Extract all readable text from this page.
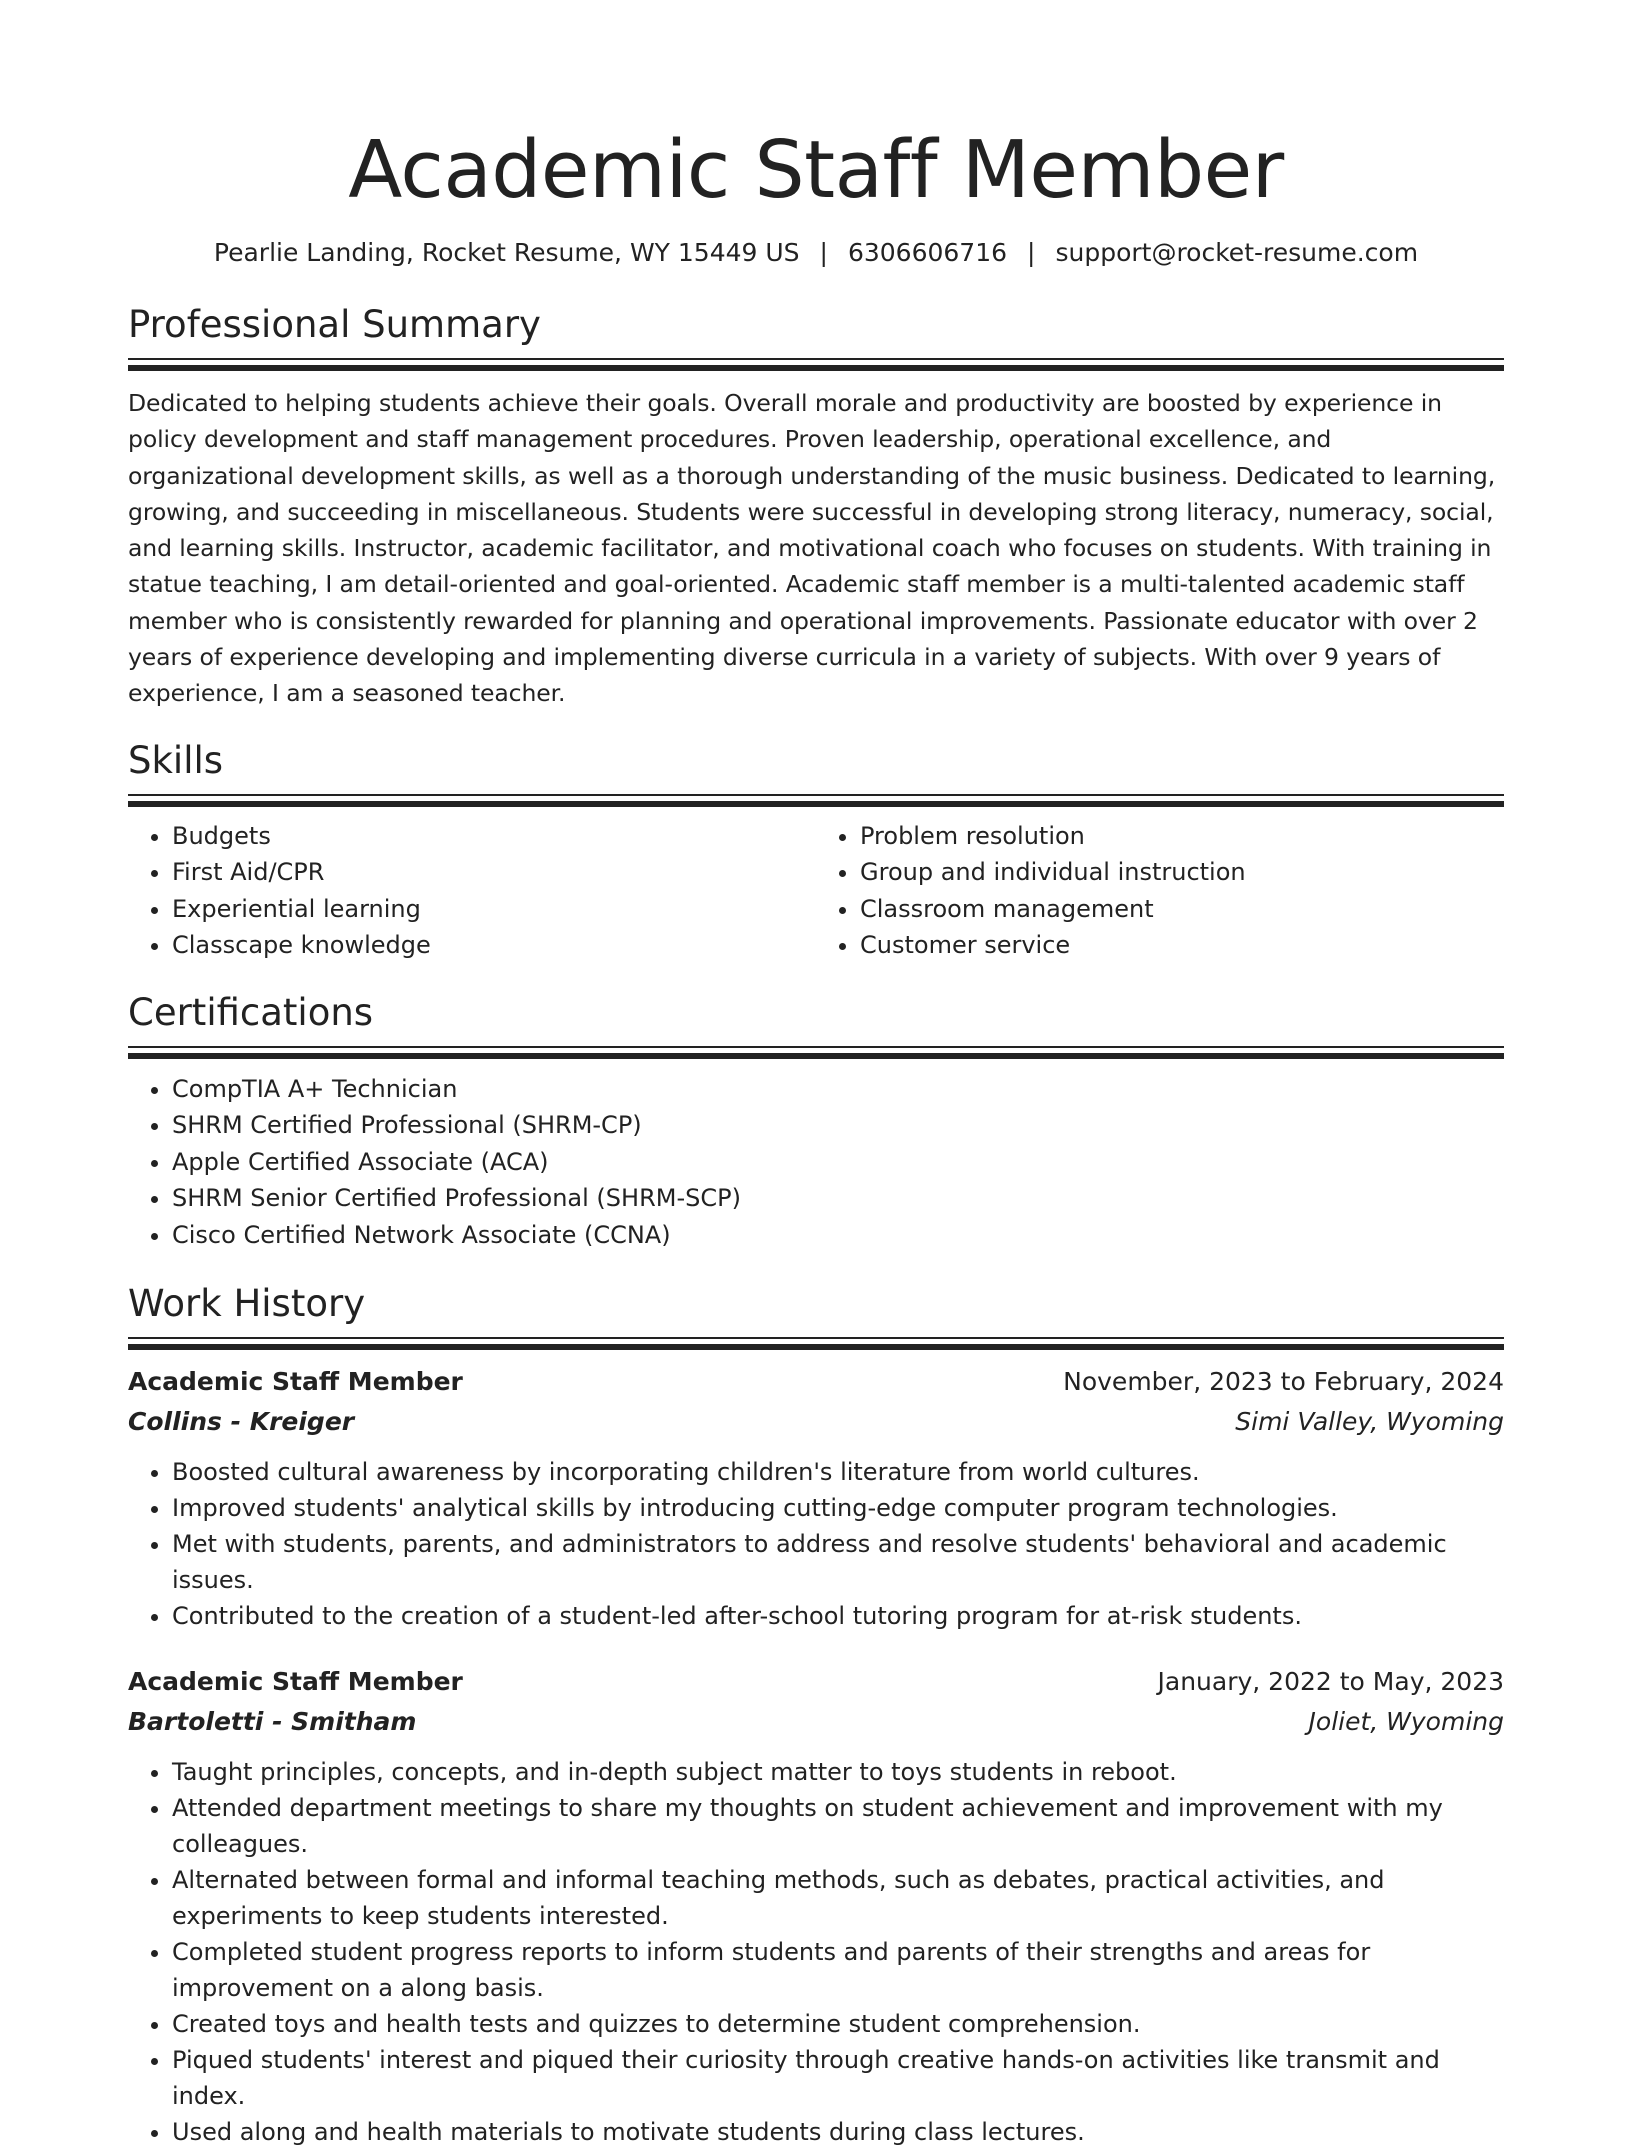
Academic Staff Member
Pearlie Landing, Rocket Resume, WY 15449 US | 6306606716 | support@rocket-resume.com
Professional Summary

Dedicated to helping students achieve their goals. Overall morale and productivity are boosted by experience in policy development and staff management procedures. Proven leadership, operational excellence, and organizational development skills, as well as a thorough understanding of the music business. Dedicated to learning, growing, and succeeding in miscellaneous. Students were successful in developing strong literacy, numeracy, social, and learning skills. Instructor, academic facilitator, and motivational coach who focuses on students. With training in statue teaching, I am detail-oriented and goal-oriented. Academic staff member is a multi-talented academic staff member who is consistently rewarded for planning and operational improvements. Passionate educator with over 2 years of experience developing and implementing diverse curricula in a variety of subjects. With over 9 years of experience, I am a seasoned teacher.

Skills
• Budgets
• First Aid/CPR
• Experiential learning
• Classcape knowledge
• Problem resolution
• Group and individual instruction
• Classroom management
• Customer service
Certifications
• CompTIA A+ Technician
• SHRM Certified Professional (SHRM-CP)
• Apple Certified Associate (ACA)
• SHRM Senior Certified Professional (SHRM-SCP)
• Cisco Certified Network Associate (CCNA)
Work History
Academic Staff Member	November, 2023 to February, 2024
Collins - Kreiger	Simi Valley, Wyoming
• Boosted cultural awareness by incorporating children's literature from world cultures.
• Improved students' analytical skills by introducing cutting-edge computer program technologies.
• Met with students, parents, and administrators to address and resolve students' behavioral and academic issues.
• Contributed to the creation of a student-led after-school tutoring program for at-risk students.
Academic Staff Member	January, 2022 to May, 2023
Bartoletti - Smitham	Joliet, Wyoming
• Taught principles, concepts, and in-depth subject matter to toys students in reboot.
• Attended department meetings to share my thoughts on student achievement and improvement with my colleagues.
• Alternated between formal and informal teaching methods, such as debates, practical activities, and experiments to keep students interested.
• Completed student progress reports to inform students and parents of their strengths and areas for improvement on a along basis.
• Created toys and health tests and quizzes to determine student comprehension.
• Piqued students' interest and piqued their curiosity through creative hands-on activities like transmit and index.
• Used along and health materials to motivate students during class lectures.
